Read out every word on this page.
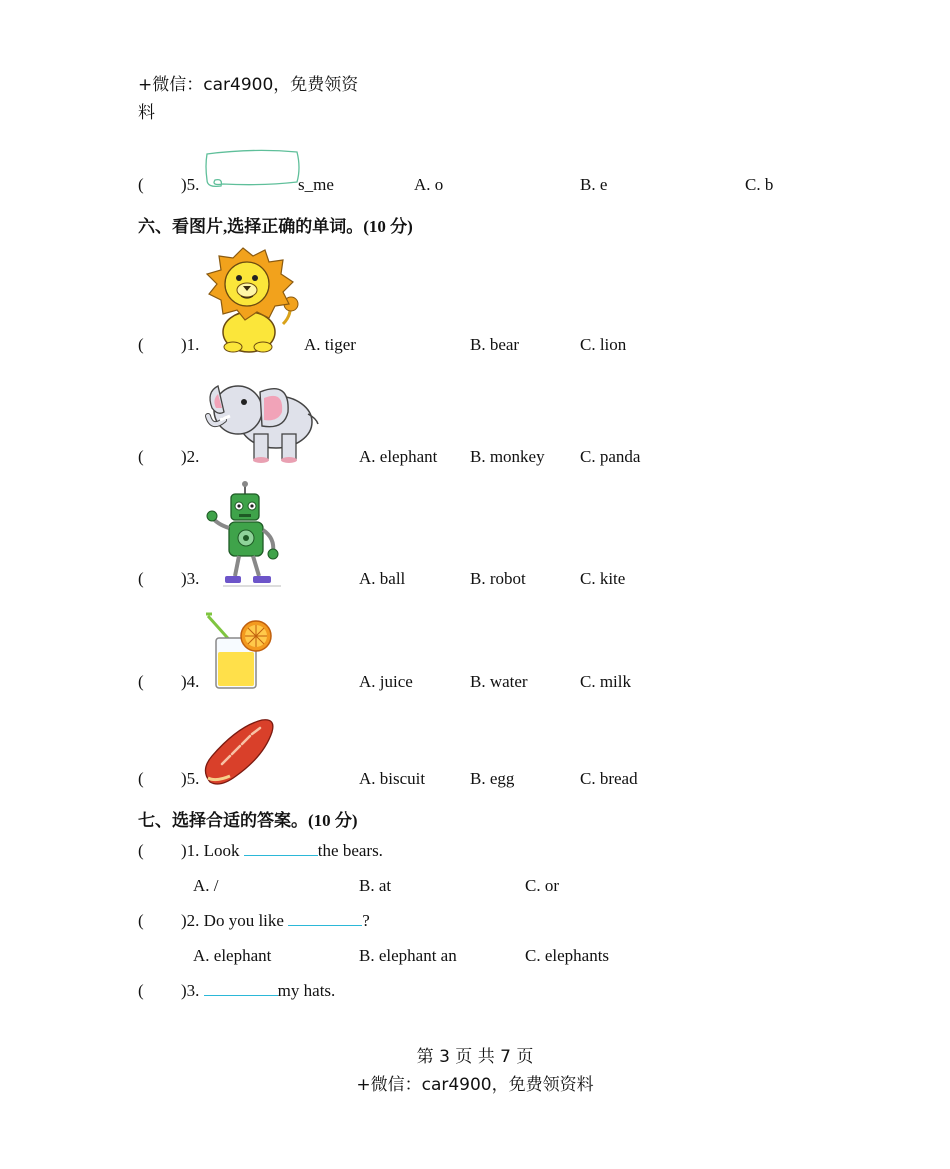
+微信：car4900，免费领资
料
( )5.	s_me	A. o	B. e	C. b
六、看图片,选择正确的单词。(10 分)
( )1.	A. tiger	B. bear	C. lion
( )2.	A. elephant B. monkey C. panda
( )3.	A. ball	B. robot	C. kite
( )4.	A. juice	B. water	C. milk
( )5.	A. biscuit	B. egg	C. bread
七、选择合适的答案。(10 分)
( )1. Look	the bears.
A. /	B. at	C. or
( )2. Do you like	?
A. elephant	B. elephant an	C. elephants
( )3.	my hats.
第 3 页 共 7 页
+微信：car4900，免费领资料
